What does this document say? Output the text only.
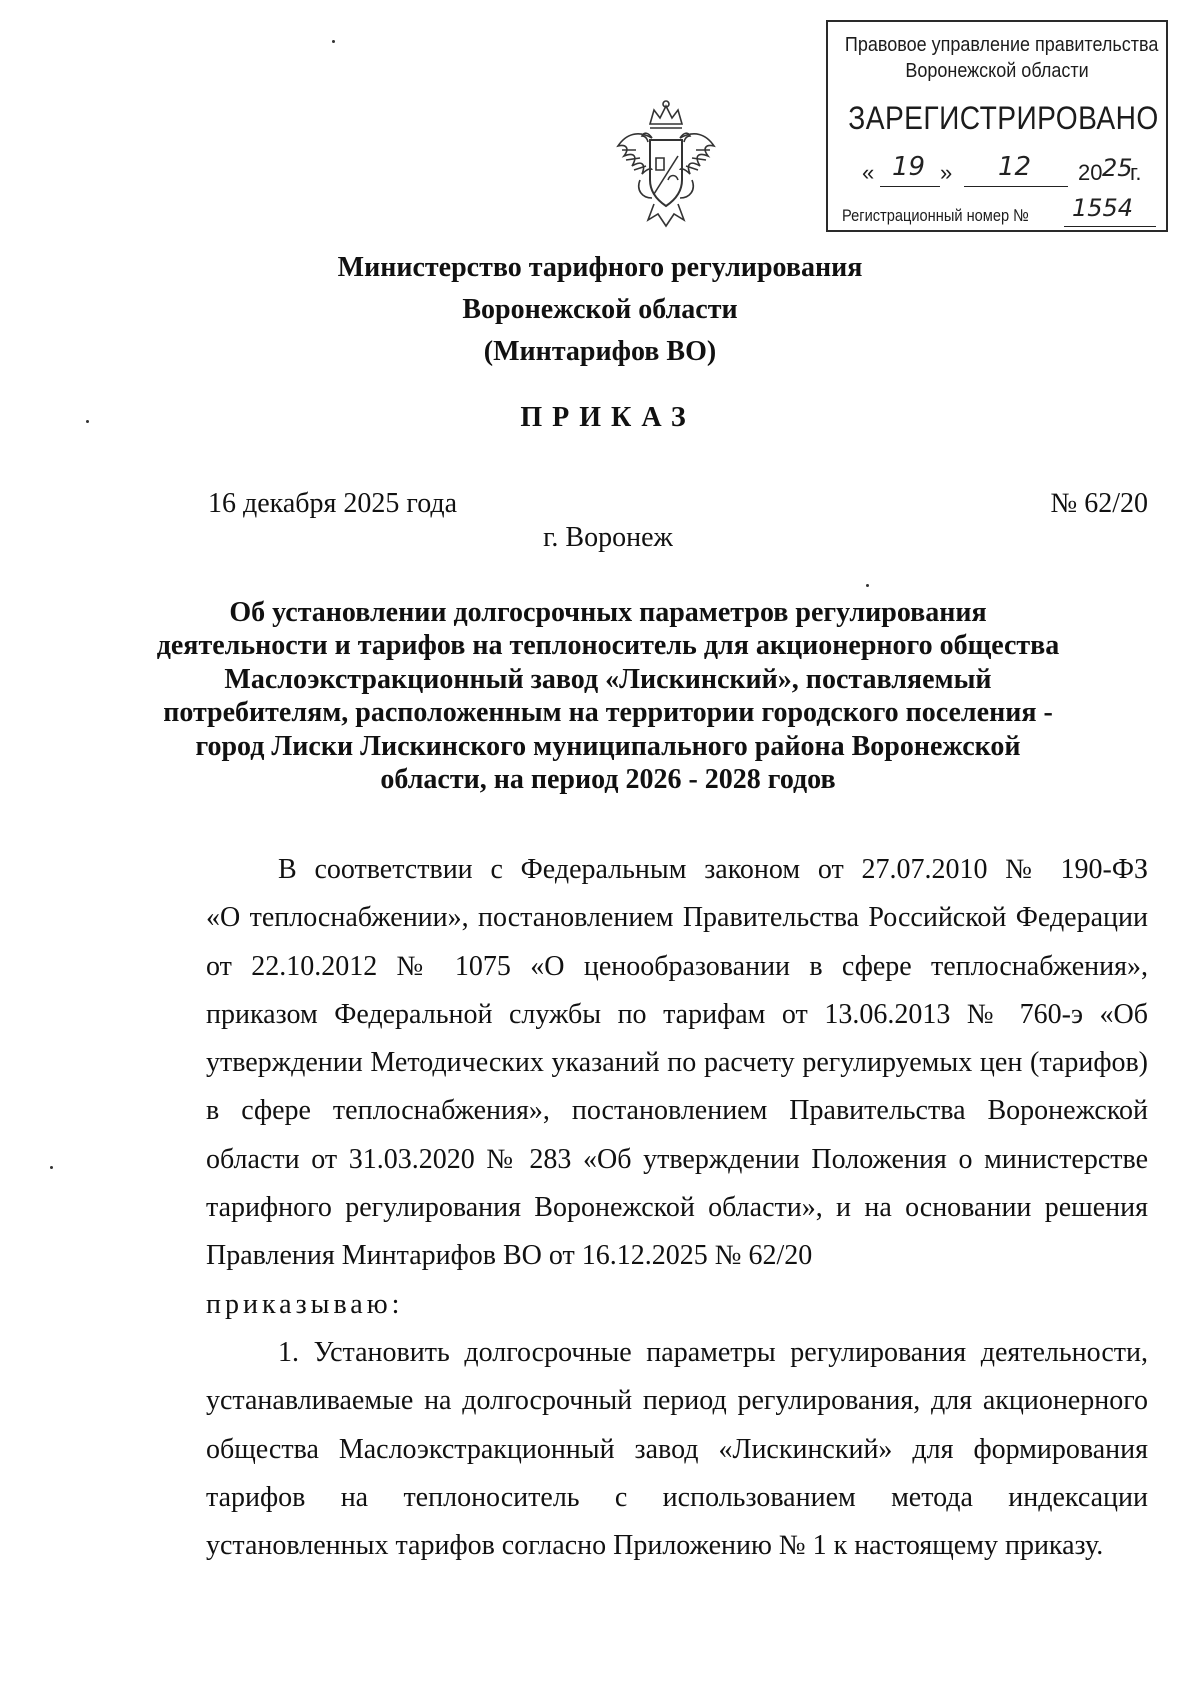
Правовое управление правительства
Воронежской области
ЗАРЕГИСТРИРОВАНО
« 19 » 12 20 25
г.
Регистрационный номер № 1554
Министерство тарифного регулирования
Воронежской области
(Минтарифов ВО)
ПРИКАЗ
16 декабря 2025 года	№ 62/20
г. Воронеж
Об установлении долгосрочных параметров регулирования
деятельности и тарифов на теплоноситель для акционерного общества
Маслоэкстракционный завод «Лискинский», поставляемый
потребителям, расположенным на территории городского поселения -
город Лиски Лискинского муниципального района Воронежской
области, на период 2026 - 2028 годов
В соответствии с Федеральным законом от 27.07.2010 № 190-ФЗ
«О теплоснабжении», постановлением Правительства Российской Федерации
от 22.10.2012 № 1075 «О ценообразовании в сфере теплоснабжения»,
приказом Федеральной службы по тарифам от 13.06.2013 № 760-э «Об
утверждении Методических указаний по расчету регулируемых цен (тарифов)
в сфере теплоснабжения», постановлением Правительства Воронежской
области от 31.03.2020 № 283 «Об утверждении Положения о министерстве
тарифного регулирования Воронежской области», и на основании решения
Правления Минтарифов ВО от 16.12.2025 № 62/20
приказываю:
1. Установить долгосрочные параметры регулирования деятельности,
устанавливаемые на долгосрочный период регулирования, для акционерного
общества Маслоэкстракционный завод «Лискинский» для формирования
тарифов на теплоноситель с использованием метода индексации
установленных тарифов согласно Приложению № 1 к настоящему приказу.
